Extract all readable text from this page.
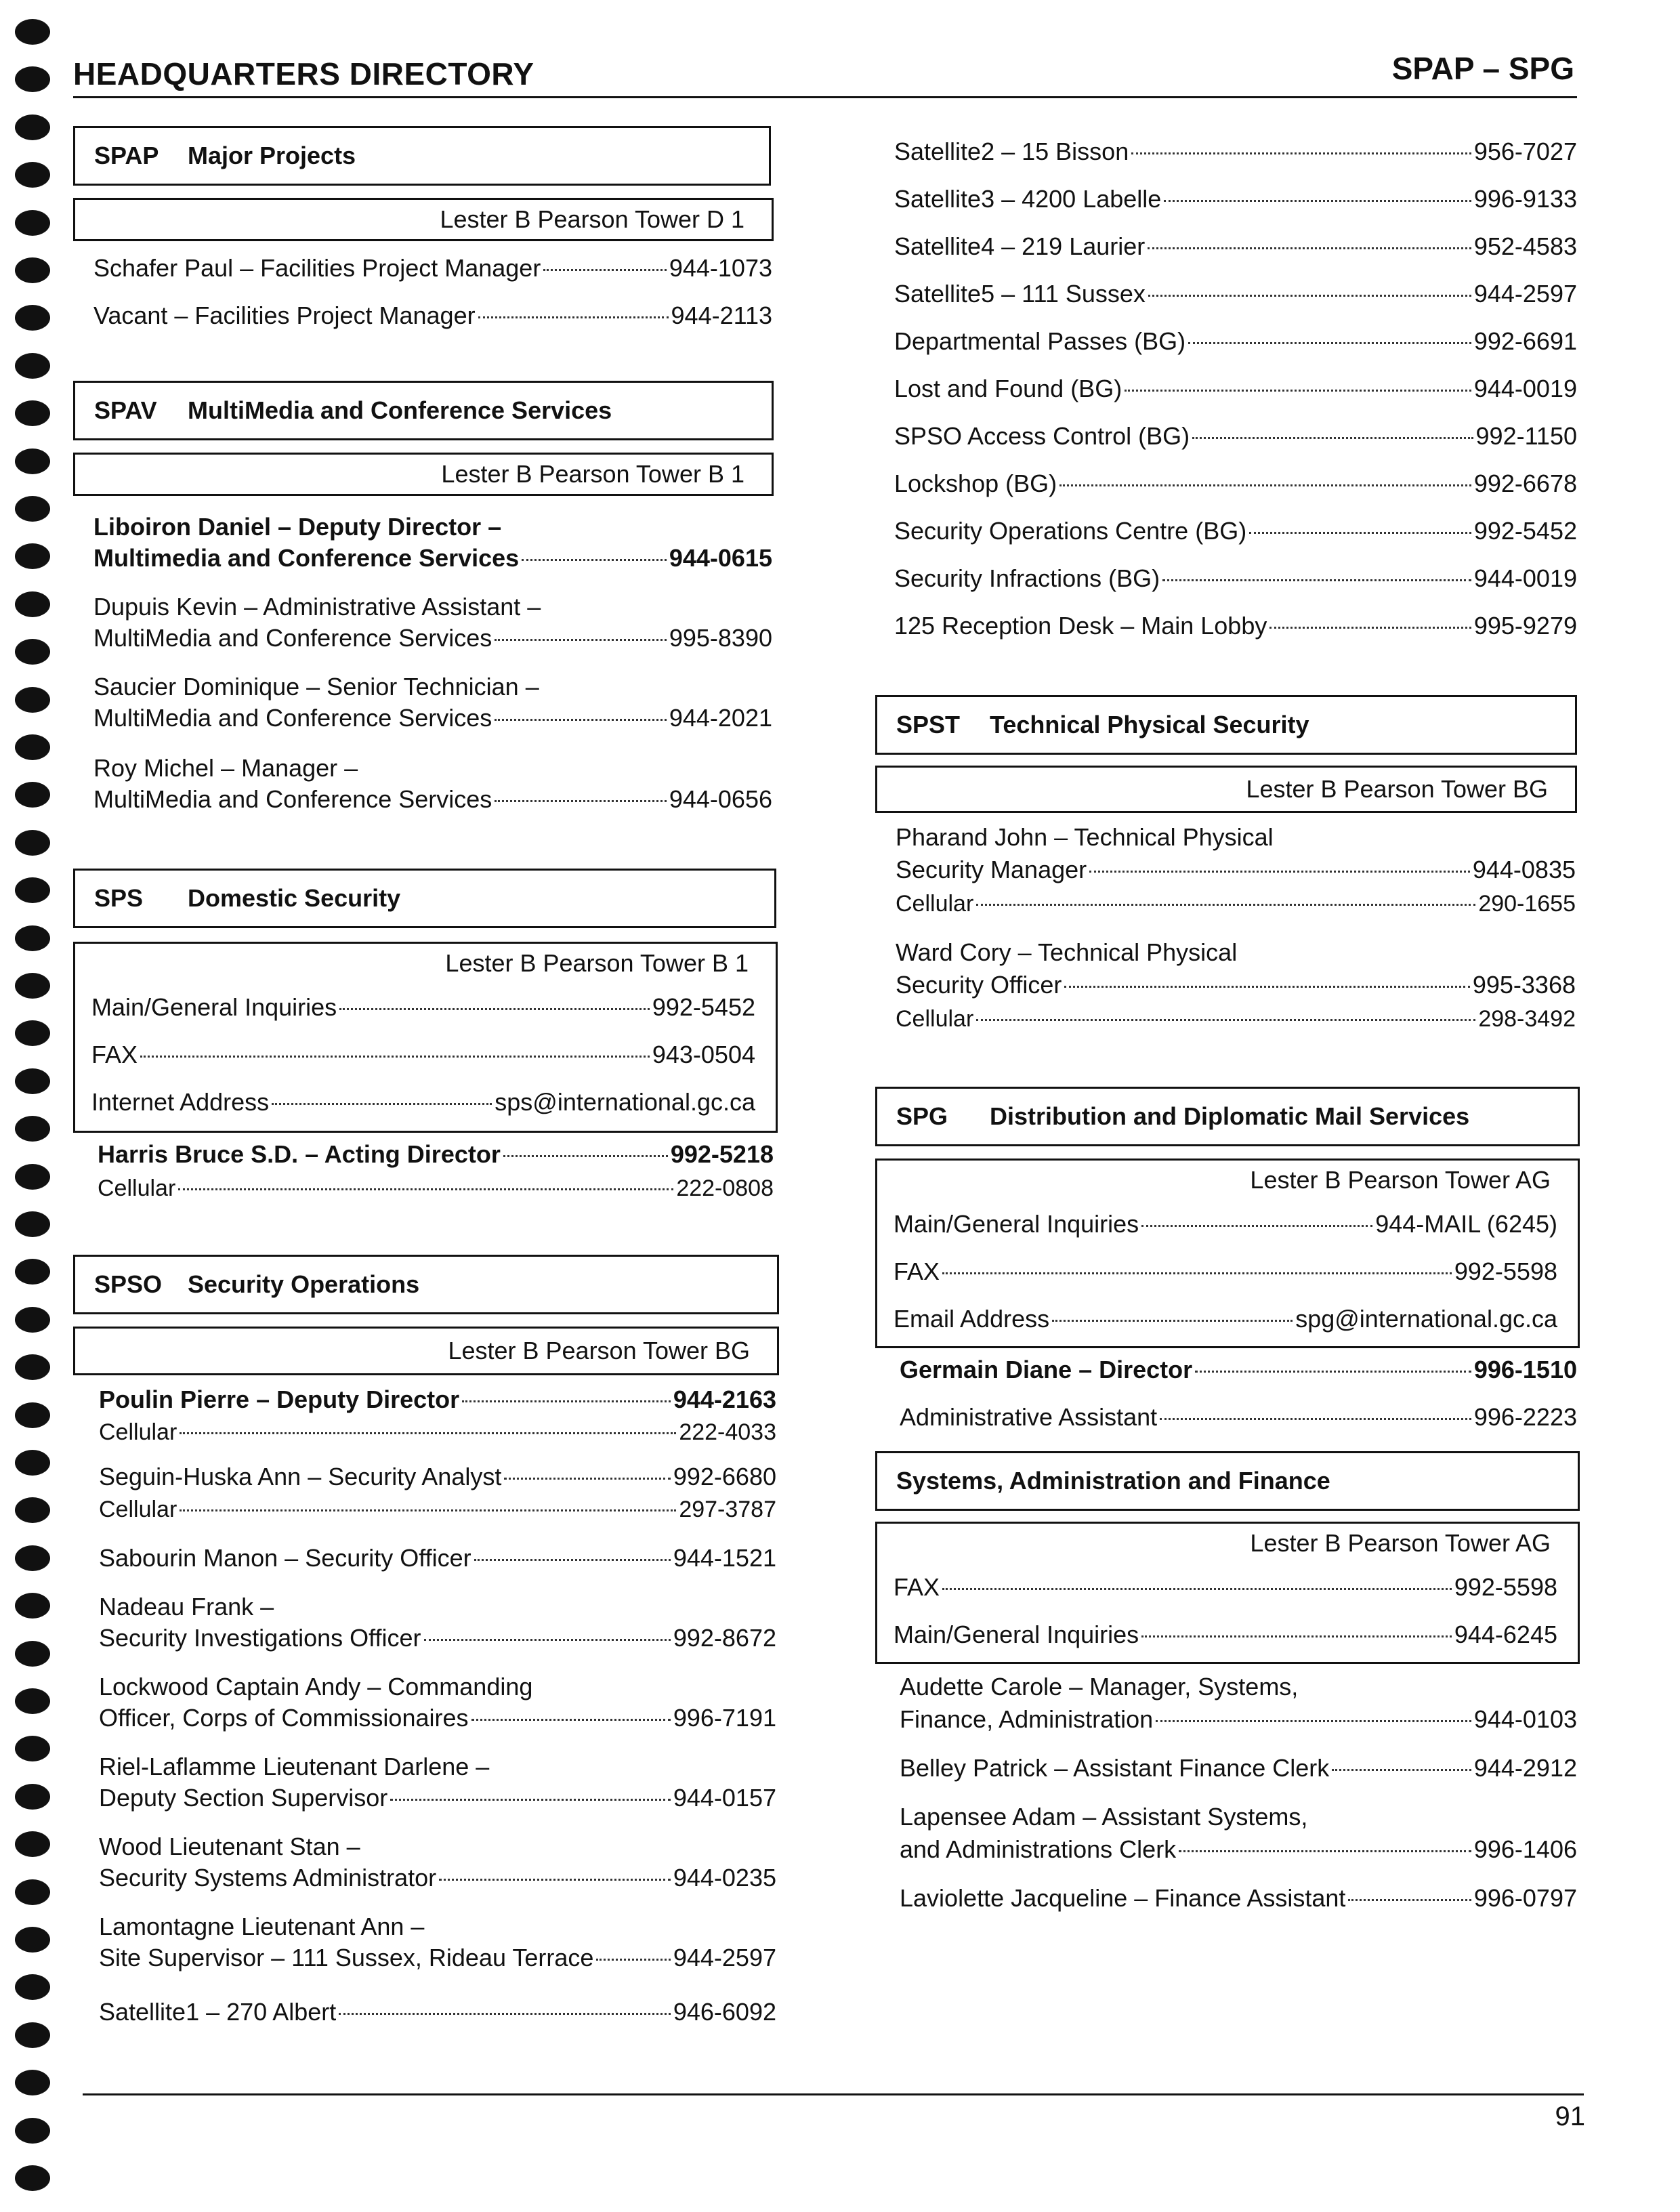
HEADQUARTERS DIRECTORY	SPAP – SPG
SPAP	Major Projects
Lester B Pearson Tower D 1
Schafer Paul – Facilities Project Manager	944-1073
Vacant – Facilities Project Manager	944-2113
SPAV	MultiMedia and Conference Services
Lester B Pearson Tower B 1
Liboiron Daniel – Deputy Director –
Multimedia and Conference Services	944-0615
Dupuis Kevin – Administrative Assistant –
MultiMedia and Conference Services	995-8390
Saucier Dominique – Senior Technician –
MultiMedia and Conference Services	944-2021
Roy Michel – Manager –
MultiMedia and Conference Services	944-0656
SPS	Domestic Security
Lester B Pearson Tower B 1
Main/General Inquiries	992-5452
FAX	943-0504
Internet Address	sps@international.gc.ca
Harris Bruce S.D. – Acting Director	992-5218
Cellular	222-0808
SPSO	Security Operations
Lester B Pearson Tower BG
Poulin Pierre – Deputy Director	944-2163
Cellular	222-4033
Seguin-Huska Ann – Security Analyst	992-6680
Cellular	297-3787
Sabourin Manon – Security Officer	944-1521
Nadeau Frank –
Security Investigations Officer	992-8672
Lockwood Captain Andy – Commanding
Officer, Corps of Commissionaires	996-7191
Riel-Laflamme Lieutenant Darlene –
Deputy Section Supervisor	944-0157
Wood Lieutenant Stan –
Security Systems Administrator	944-0235
Lamontagne Lieutenant Ann –
Site Supervisor – 111 Sussex, Rideau Terrace	944-2597
Satellite1 – 270 Albert	946-6092
Satellite2 – 15 Bisson	956-7027
Satellite3 – 4200 Labelle	996-9133
Satellite4 – 219 Laurier	952-4583
Satellite5 – 111 Sussex	944-2597
Departmental Passes (BG)	992-6691
Lost and Found (BG)	944-0019
SPSO Access Control (BG)	992-1150
Lockshop (BG)	992-6678
Security Operations Centre (BG)	992-5452
Security Infractions (BG)	944-0019
125 Reception Desk – Main Lobby	995-9279
SPST	Technical Physical Security
Lester B Pearson Tower BG
Pharand John – Technical Physical
Security Manager	944-0835
Cellular	290-1655
Ward Cory – Technical Physical
Security Officer	995-3368
Cellular	298-3492
SPG	Distribution and Diplomatic Mail Services
Lester B Pearson Tower AG
Main/General Inquiries	944-MAIL (6245)
FAX	992-5598
Email Address	spg@international.gc.ca
Germain Diane – Director	996-1510
Administrative Assistant	996-2223
Systems, Administration and Finance
Lester B Pearson Tower AG
FAX	992-5598
Main/General Inquiries	944-6245
Audette Carole – Manager, Systems,
Finance, Administration	944-0103
Belley Patrick – Assistant Finance Clerk	944-2912
Lapensee Adam – Assistant Systems,
and Administrations Clerk	996-1406
Laviolette Jacqueline – Finance Assistant	996-0797
91
